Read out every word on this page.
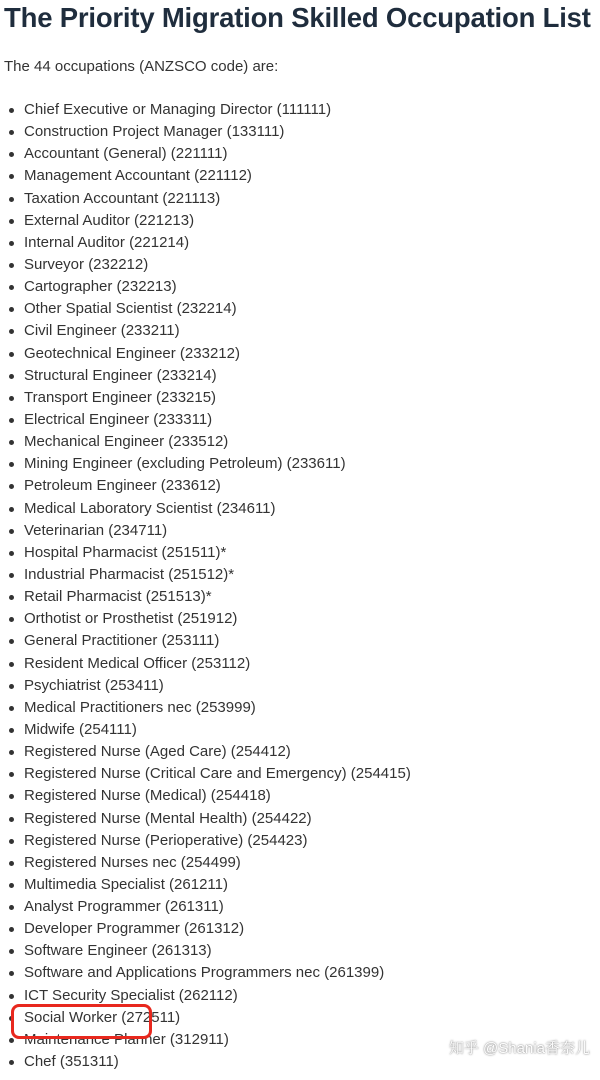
The Priority Migration Skilled Occupation List

The 44 occupations (ANZSCO code) are:

Chief Executive or Managing Director (111111)
Construction Project Manager (133111)
Accountant (General) (221111)
Management Accountant (221112)
Taxation Accountant (221113)
External Auditor (221213)
Internal Auditor (221214)
Surveyor (232212)
Cartographer (232213)
Other Spatial Scientist (232214)
Civil Engineer (233211)
Geotechnical Engineer (233212)
Structural Engineer (233214)
Transport Engineer (233215)
Electrical Engineer (233311)
Mechanical Engineer (233512)
Mining Engineer (excluding Petroleum) (233611)
Petroleum Engineer (233612)
Medical Laboratory Scientist (234611)
Veterinarian (234711)
Hospital Pharmacist (251511)*
Industrial Pharmacist (251512)*
Retail Pharmacist (251513)*
Orthotist or Prosthetist (251912)
General Practitioner (253111)
Resident Medical Officer (253112)
Psychiatrist (253411)
Medical Practitioners nec (253999)
Midwife (254111)
Registered Nurse (Aged Care) (254412)
Registered Nurse (Critical Care and Emergency) (254415)
Registered Nurse (Medical) (254418)
Registered Nurse (Mental Health) (254422)
Registered Nurse (Perioperative) (254423)
Registered Nurses nec (254499)
Multimedia Specialist (261211)
Analyst Programmer (261311)
Developer Programmer (261312)
Software Engineer (261313)
Software and Applications Programmers nec (261399)
ICT Security Specialist (262112)
Social Worker (272511)
Maintenance Planner (312911)
Chef (351311)
知乎 @Shania香奈儿
